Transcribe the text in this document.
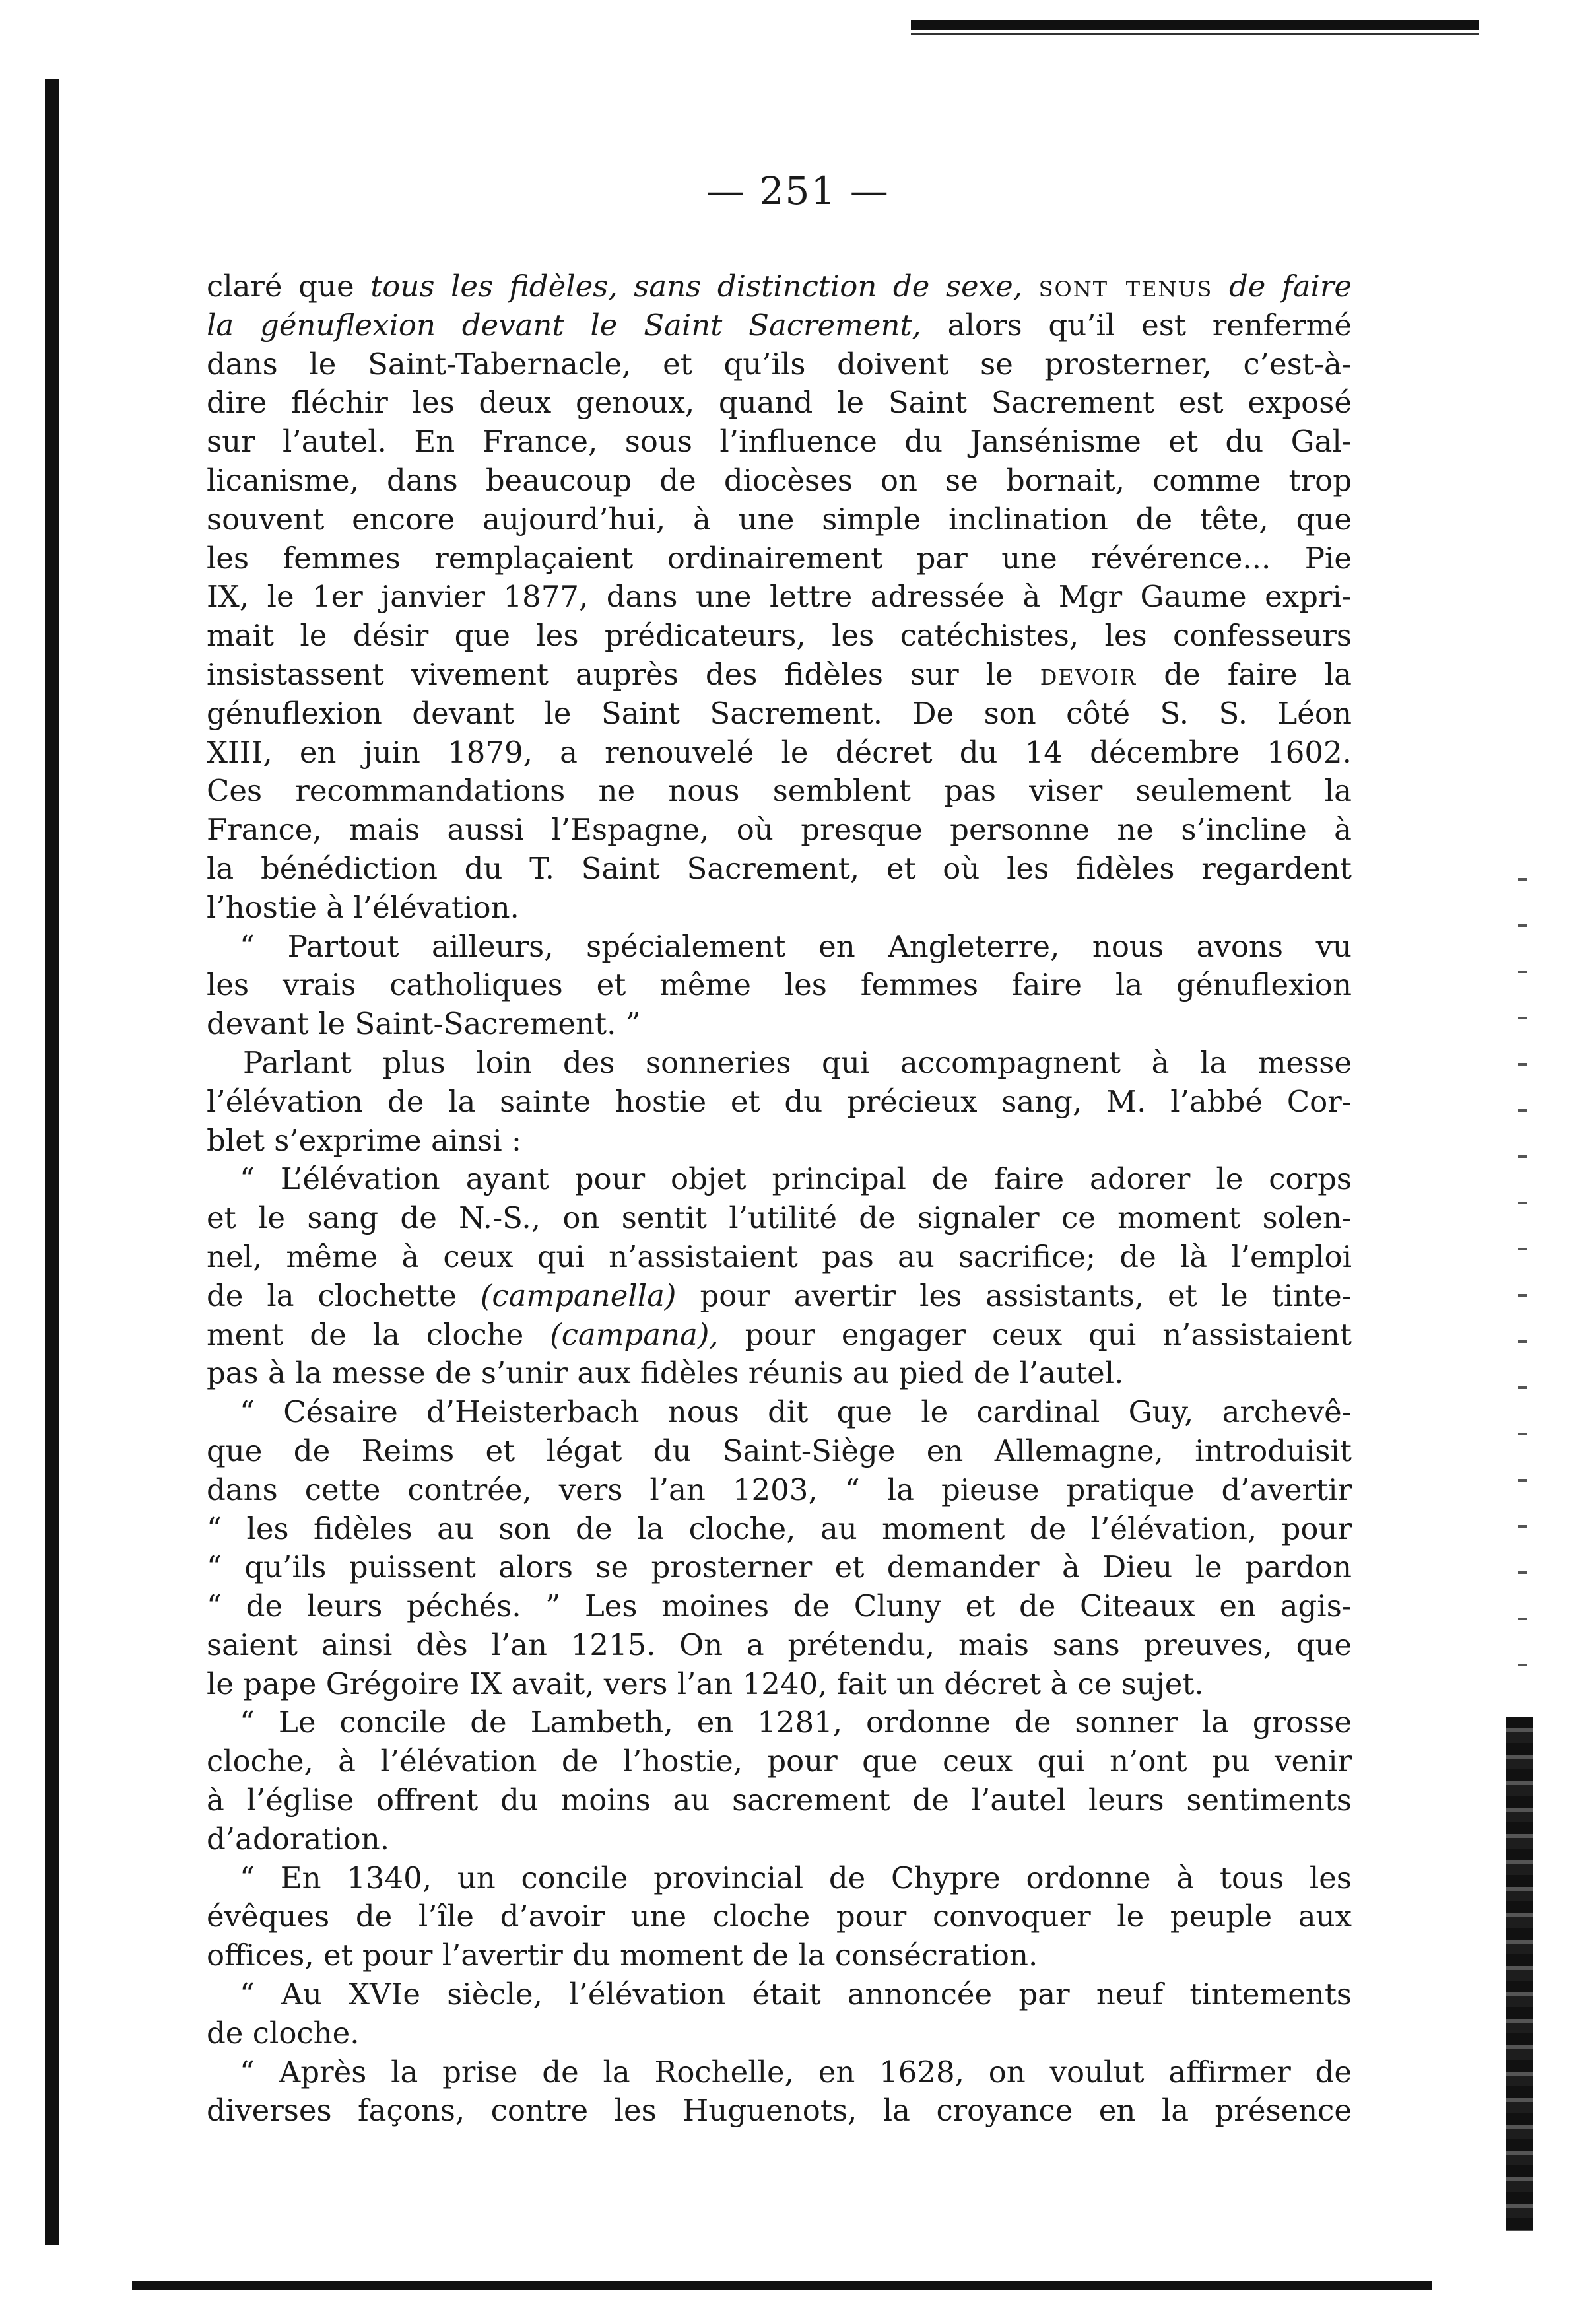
— 251 —
claré que tous les fidèles, sans distinction de sexe, sont tenus de faire
la génuflexion devant le Saint Sacrement, alors qu’il est renfermé
dans le Saint-Tabernacle, et qu’ils doivent se prosterner, c’est-à-
dire fléchir les deux genoux, quand le Saint Sacrement est exposé
sur l’autel. En France, sous l’influence du Jansénisme et du Gal-
licanisme, dans beaucoup de diocèses on se bornait, comme trop
souvent encore aujourd’hui, à une simple inclination de tête, que
les femmes remplaçaient ordinairement par une révérence... Pie
IX, le 1er janvier 1877, dans une lettre adressée à Mgr Gaume expri-
mait le désir que les prédicateurs, les catéchistes, les confesseurs
insistassent vivement auprès des fidèles sur le devoir de faire la
génuflexion devant le Saint Sacrement. De son côté S. S. Léon
XIII, en juin 1879, a renouvelé le décret du 14 décembre 1602.
Ces recommandations ne nous semblent pas viser seulement la
France, mais aussi l’Espagne, où presque personne ne s’incline à
la bénédiction du T. Saint Sacrement, et où les fidèles regardent
l’hostie à l’élévation.
“ Partout ailleurs, spécialement en Angleterre, nous avons vu
les vrais catholiques et même les femmes faire la génuflexion
devant le Saint-Sacrement. ”
Parlant plus loin des sonneries qui accompagnent à la messe
l’élévation de la sainte hostie et du précieux sang, M. l’abbé Cor-
blet s’exprime ainsi :
“ L’élévation ayant pour objet principal de faire adorer le corps
et le sang de N.-S., on sentit l’utilité de signaler ce moment solen-
nel, même à ceux qui n’assistaient pas au sacrifice; de là l’emploi
de la clochette (campanella) pour avertir les assistants, et le tinte-
ment de la cloche (campana), pour engager ceux qui n’assistaient
pas à la messe de s’unir aux fidèles réunis au pied de l’autel.
“ Césaire d’Heisterbach nous dit que le cardinal Guy, archevê-
que de Reims et légat du Saint-Siège en Allemagne, introduisit
dans cette contrée, vers l’an 1203, “ la pieuse pratique d’avertir
“ les fidèles au son de la cloche, au moment de l’élévation, pour
“ qu’ils puissent alors se prosterner et demander à Dieu le pardon
“ de leurs péchés. ” Les moines de Cluny et de Citeaux en agis-
saient ainsi dès l’an 1215. On a prétendu, mais sans preuves, que
le pape Grégoire IX avait, vers l’an 1240, fait un décret à ce sujet.
“ Le concile de Lambeth, en 1281, ordonne de sonner la grosse
cloche, à l’élévation de l’hostie, pour que ceux qui n’ont pu venir
à l’église offrent du moins au sacrement de l’autel leurs sentiments
d’adoration.
“ En 1340, un concile provincial de Chypre ordonne à tous les
évêques de l’île d’avoir une cloche pour convoquer le peuple aux
offices, et pour l’avertir du moment de la consécration.
“ Au XVIe siècle, l’élévation était annoncée par neuf tintements
de cloche.
“ Après la prise de la Rochelle, en 1628, on voulut affirmer de
diverses façons, contre les Huguenots, la croyance en la présence
